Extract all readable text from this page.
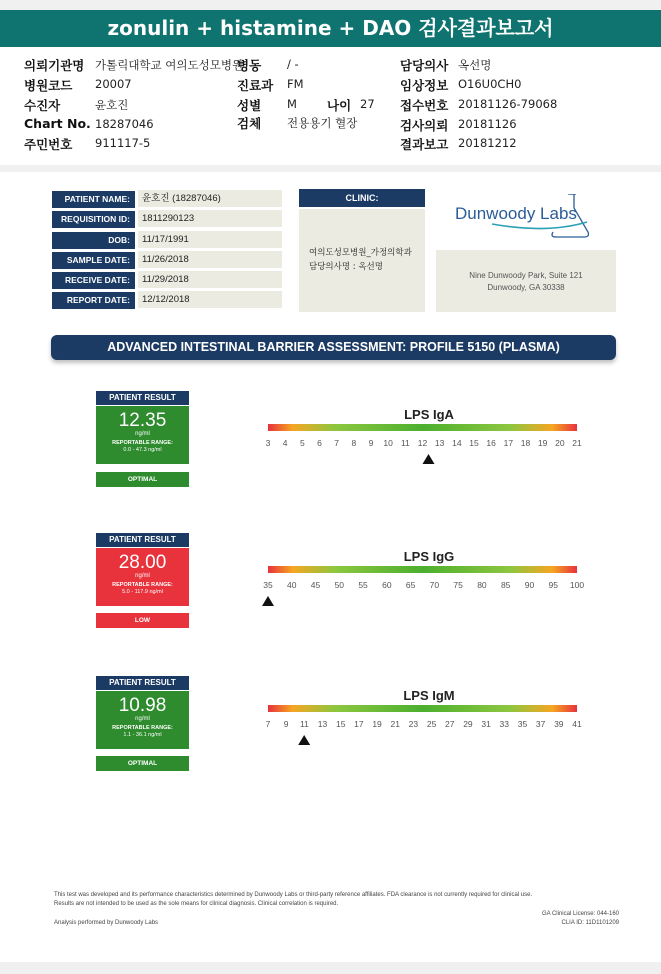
zonulin + histamine + DAO 검사결과보고서
의뢰기관명 가톨릭대학교 여의도성모병원
병동 / -	담당의사 옥선명
병원코드 20007	진료과 FM	임상정보 O16U0CH0
수진자	윤호진	성별 M 나이 27 접수번호 20181126-79068
Chart No. 18287046	검체 전용용기 혈장	검사의뢰 20181126
주민번호 911117-5	결과보고 20181212
PATIENT NAME:	윤호진 (18287046)
REQUISITION ID:	1811290123
DOB:	11/17/1991
SAMPLE DATE:	11/26/2018
RECEIVE DATE:	11/29/2018
REPORT DATE:	12/12/2018
CLINIC:
여의도성모병원_가정의학과
담당의사명 : 옥선명
Dunwoody Labs
Nine Dunwoody Park, Suite 121
Dunwoody, GA 30338
ADVANCED INTESTINAL BARRIER ASSESSMENT: PROFILE 5150 (PLASMA)
PATIENT RESULT
12.35
ng/ml
REPORTABLE RANGE:
0.0 - 47.3 ng/ml
OPTIMAL
PATIENT RESULT
28.00
ng/ml
REPORTABLE RANGE:
5.0 - 117.9 ng/ml
LOW
PATIENT RESULT
10.98
ng/ml
REPORTABLE RANGE:
1.1 - 36.1 ng/ml
OPTIMAL
LPS IgA
3 4 5 6 7 8 9 10 11 12 13 14 15 16 17 18 19 20 21
LPS IgG
35 40 45 50 55 60 65 70 75 80 85 90 95 100
LPS IgM
7 9 11 13 15 17 19 21 23 25 27 29 31 33 35 37 39 41
This test was developed and its performance characteristics determined by Dunwoody Labs or third-party reference affiliates. FDA clearance is not currently required for clinical use.
Results are not intended to be used as the sole means for clinical diagnosis. Clinical correlation is required.
GA Clinical License: 044-160
CLIA ID: 11D1101209
Analysis performed by Dunwoody Labs
